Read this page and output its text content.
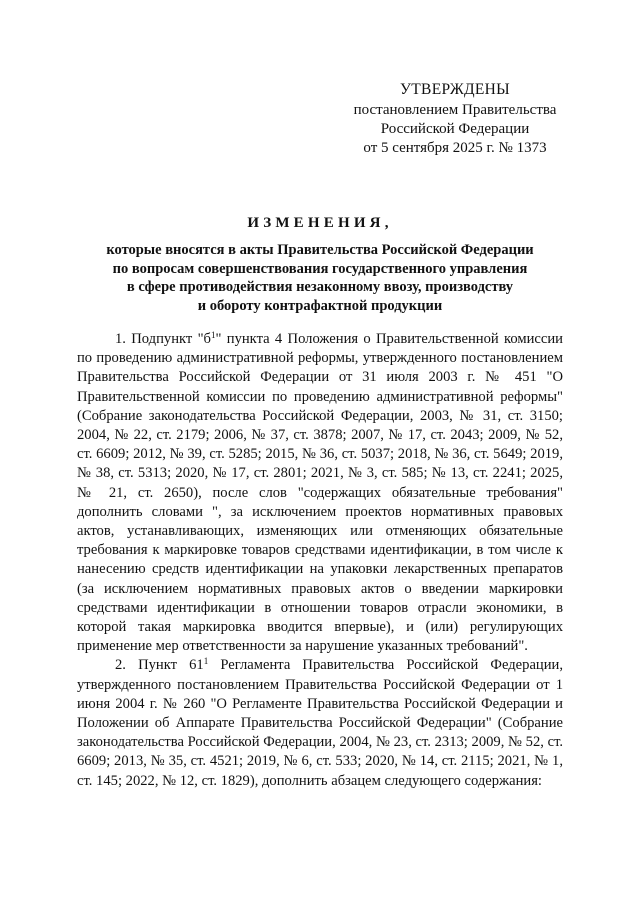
УТВЕРЖДЕНЫ
постановлением Правительства
Российской Федерации
от 5 сентября 2025 г. № 1373
ИЗМЕНЕНИЯ,
которые вносятся в акты Правительства Российской Федерации
по вопросам совершенствования государственного управления
в сфере противодействия незаконному ввозу, производству
и обороту контрафактной продукции

1. Подпункт "$б^1$" пункта 4 Положения о Правительственной комиссии по проведению административной реформы, утвержденного постановлением Правительства Российской Федерации от 31 июля 2003 г. № 451 "О Правительственной комиссии по проведению административной реформы" (Собрание законодательства Российской Федерации, 2003, № 31, ст. 3150; 2004, № 22, ст. 2179; 2006, № 37, ст. 3878; 2007, № 17, ст. 2043; 2009, № 52, ст. 6609; 2012, № 39, ст. 5285; 2015, № 36, ст. 5037; 2018, № 36, ст. 5649; 2019, № 38, ст. 5313; 2020, № 17, ст. 2801; 2021, № 3, ст. 585; № 13, ст. 2241; 2025, № 21, ст. 2650), после слов "содержащих обязательные требования" дополнить словами ", за исключением проектов нормативных правовых актов, устанавливающих, изменяющих или отменяющих обязательные требования к маркировке товаров средствами идентификации, в том числе к нанесению средств идентификации на упаковки лекарственных препаратов (за исключением нормативных правовых актов о введении маркировки средствами идентификации в отношении товаров отрасли экономики, в которой такая маркировка вводится впервые), и (или) регулирующих применение мер ответственности за нарушение указанных требований".

2. Пункт $61^1$ Регламента Правительства Российской Федерации, утвержденного постановлением Правительства Российской Федерации от 1 июня 2004 г. № 260 "О Регламенте Правительства Российской Федерации и Положении об Аппарате Правительства Российской Федерации" (Собрание законодательства Российской Федерации, 2004, № 23, ст. 2313; 2009, № 52, ст. 6609; 2013, № 35, ст. 4521; 2019, № 6, ст. 533; 2020, № 14, ст. 2115; 2021, № 1, ст. 145; 2022, № 12, ст. 1829), дополнить абзацем следующего содержания:
